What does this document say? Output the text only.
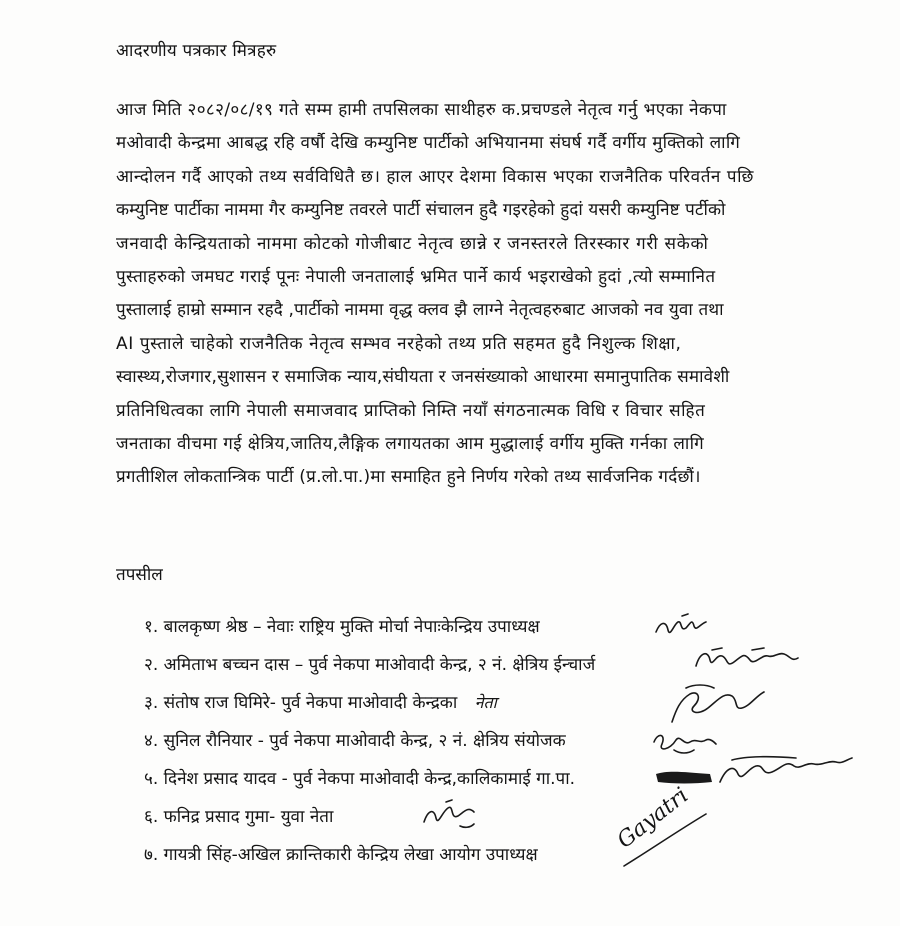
आदरणीय पत्रकार मित्रहरु

आज मिति २०८२/०८/१९ गते सम्म हामी तपसिलका साथीहरु क.प्रचण्डले नेतृत्व गर्नु भएका नेकपा
मओवादी केन्द्रमा आबद्ध रहि वर्षौ देखि कम्युनिष्ट पार्टीको अभियानमा संघर्ष गर्दै वर्गीय मुक्तिको लागि
आन्दोलन गर्दै आएको तथ्य सर्वविधितै छ। हाल आएर देशमा विकास भएका राजनैतिक परिवर्तन पछि
कम्युनिष्ट पार्टीका नाममा गैर कम्युनिष्ट तवरले पार्टी संचालन हुदै गइरहेको हुदां यसरी कम्युनिष्ट पर्टीको
जनवादी केन्द्रियताको नाममा कोटको गोजीबाट नेतृत्व छान्ने र जनस्तरले तिरस्कार गरी सकेको
पुस्ताहरुको जमघट गराई पूनः नेपाली जनतालाई भ्रमित पार्ने कार्य भइराखेको हुदां ,त्यो सम्मानित
पुस्तालाई हाम्रो सम्मान रहदै ,पार्टीको नाममा वृद्ध क्लव झै लाग्ने नेतृत्वहरुबाट आजको नव युवा तथा
AI पुस्ताले चाहेको राजनैतिक नेतृत्व सम्भव नरहेको तथ्य प्रति सहमत हुदै निशुल्क शिक्षा,
स्वास्थ्य,रोजगार,सुशासन र समाजिक न्याय,संघीयता र जनसंख्याको आधारमा समानुपातिक समावेशी
प्रतिनिधित्वका लागि नेपाली समाजवाद प्राप्तिको निम्ति नयाँ संगठनात्मक विधि र विचार सहित
जनताका वीचमा गई क्षेत्रिय,जातिय,लैङ्गिक लगायतका आम मुद्धालाई वर्गीय मुक्ति गर्नका लागि
प्रगतीशिल लोकतान्त्रिक पार्टी (प्र.लो.पा.)मा समाहित हुने निर्णय गरेको तथ्य सार्वजनिक गर्दछौं।

तपसील
१. बालकृष्ण श्रेष्ठ – नेवाः राष्ट्रिय मुक्ति मोर्चा नेपाःकेन्द्रिय उपाध्यक्ष
२. अमिताभ बच्चन दास – पुर्व नेकपा माओवादी केन्द्र, २ नं. क्षेत्रिय ईन्चार्ज
३. संतोष राज घिमिरे- पुर्व नेकपा माओवादी केन्द्रका नेता
४. सुनिल रौनियार - पुर्व नेकपा माओवादी केन्द्र, २ नं. क्षेत्रिय संयोजक
५. दिनेश प्रसाद यादव - पुर्व नेकपा माओवादी केन्द्र,कालिकामाई गा.पा.
६. फनिद्र प्रसाद गुमा- युवा नेता
७. गायत्री सिंह-अखिल क्रान्तिकारी केन्द्रिय लेखा आयोग उपाध्यक्ष
Gayatri
